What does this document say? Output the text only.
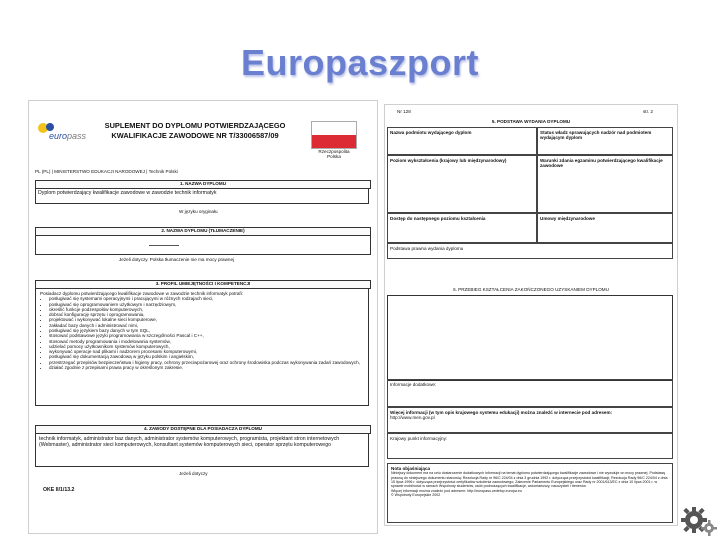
Europaszport
europass
SUPLEMENT DO DYPLOMU POTWIERDZAJĄCEGO
KWALIFIKACJE ZAWODOWE NR T/33006587/09
Rzeczpospolita
Polska
PL (PL) | MINISTERSTWO EDUKACJI NARODOWEJ | Technik Polski
1. NAZWA DYPLOMU
Dyplom potwierdzający kwalifikacje zawodowe w zawodzie technik informatyk
W języku oryginału
2. NAZWA DYPLOMU (TŁUMACZENIE)
Jeżeli dotyczy. Polska tłumaczenie nie ma mocy prawnej
3. PROFIL UMIEJĘTNOŚCI I KOMPETENCJI
Posiadacz dyplomu potwierdzającego kwalifikacje zawodowe w zawodzie technik informatyk potrafi:
• posługiwać się systemami operacyjnymi i pracującymi w różnych rodzajach sieci,
• posługiwać się oprogramowaniem użytkowym i narzędziowym,
• określić funkcje podzespołów komputerowych,
• dobrać konfigurację sprzętu i oprogramowania,
• projektować i wykonywać lokalne sieci komputerowe,
• zakładać bazy danych i administrować nimi,
• posługiwać się językiem bazy danych w tym SQL,
• stosować podstawowe języki programowania w szczególności Pascal i C++,
• stosować metody programowania i modelowania systemów,
• udzielać pomocy użytkownikom systemów komputerowych,
• wykonywać operacje nad plikami i nadzorem procesami komputerowymi,
• posługiwać się dokumentacją zawodową w języku polskim i angielskim,
• przestrzegać przepisów bezpieczeństwa i higieny pracy, ochrony przeciwpożarowej oraz ochrony środowiska podczas wykonywania zadań zawodowych,
• działać zgodnie z przepisami prawa pracy w określonym zakresie.
4. ZAWODY DOSTĘPNE DLA POSIADACZA DYPLOMU
technik informatyk, administrator baz danych, administrator systemów komputerowych, programista, projektant stron internetowych (Webmaster), administrator sieci komputerowych, konsultant systemów komputerowych sieci, operator sprzętu komputerowego
Jeżeli dotyczy
OKE II/1/13.2
Nr 128	str. 2
5. PODSTAWA WYDANIA DYPLOMU
Nazwa podmiotu wydającego dyplom	Status władz sprawujących nadzór nad podmiotem wydającym dyplom
Poziom wykształcenia (krajowy lub międzynarodowy)	Warunki zdania egzaminu potwierdzającego kwalifikacje zawodowe
Dostęp do następnego poziomu kształcenia	Umowy międzynarodowe
Podstawa prawna wydania dyplomu
6. PRZEBIEG KSZTAŁCENIA ZAKOŃCZONEGO UZYSKANIEM DYPLOMU
Informacje dodatkowe:
Więcej informacji (w tym opis krajowego systemu edukacji) można znaleźć w internecie pod adresem:
http://www.men.gov.pl
Krajowy punkt informacyjny:
Nota objaśniająca
Niniejszy dokument ma na celu dostarczenie dodatkowych informacji na temat dyplomu potwierdzającego kwalifikacje zawodowe i nie wywołuje on mocy prawnej. Podstawę prawną do niniejszego dokumentu stanowią: Rezolucja Rady nr 96/C 224/04 z dnia 3 grudnia 1992 r. dotycząca przejrzystości kwalifikacji; Rezolucja Rady 96/C 224/04 z dnia 15 lipca 1996 r. dotycząca przejrzystości certyfikatów szkolenia zawodowego; Zalecenie Parlamentu Europejskiego oraz Rady nr 2001/613/EC z dnia 10 lipca 2001 r. w sprawie mobilności w ramach Wspólnoty studentów, osób podnoszących kwalifikacje, wolontariuszy, nauczycieli i trenerów.
Więcej informacji można znaleźć pod adresem: http://europass.cedefop.europa.eu
© Wspólnoty Europejskie 2002
